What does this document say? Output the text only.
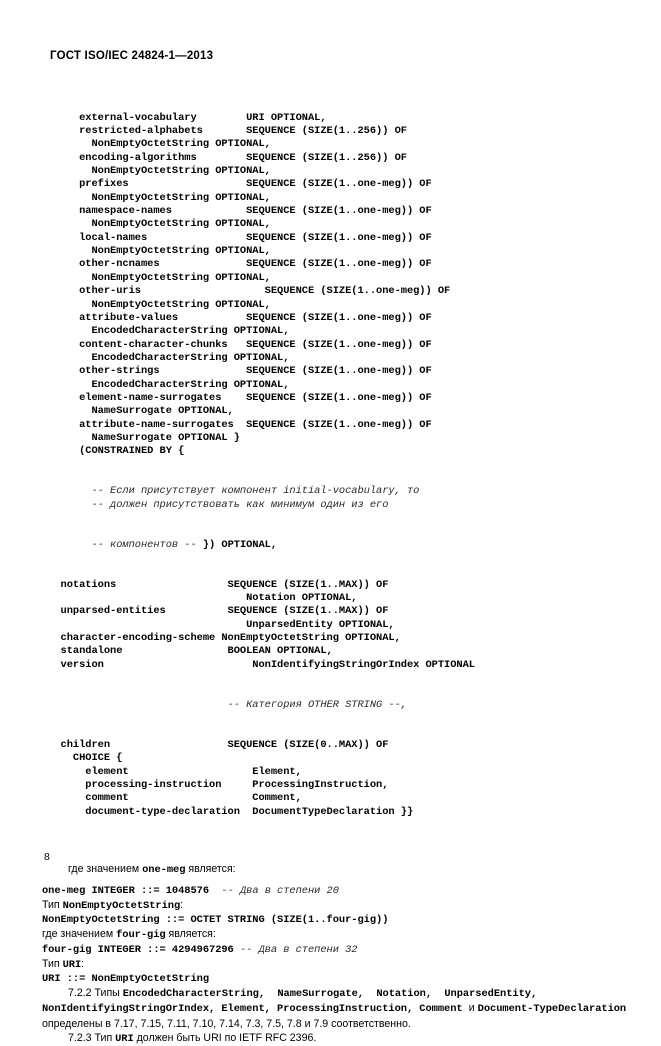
ГОСТ ISO/IEC 24824-1—2013

external-vocabulary        URI OPTIONAL,
restricted-alphabets       SEQUENCE (SIZE(1..256)) OF
NonEmptyOctetString OPTIONAL,
encoding-algorithms        SEQUENCE (SIZE(1..256)) OF
NonEmptyOctetString OPTIONAL,
prefixes                   SEQUENCE (SIZE(1..one-meg)) OF
NonEmptyOctetString OPTIONAL,
namespace-names            SEQUENCE (SIZE(1..one-meg)) OF
NonEmptyOctetString OPTIONAL,
local-names                SEQUENCE (SIZE(1..one-meg)) OF
NonEmptyOctetString OPTIONAL,
other-ncnames              SEQUENCE (SIZE(1..one-meg)) OF
NonEmptyOctetString OPTIONAL,
other-uris                    SEQUENCE (SIZE(1..one-meg)) OF
NonEmptyOctetString OPTIONAL,
attribute-values           SEQUENCE (SIZE(1..one-meg)) OF
EncodedCharacterString OPTIONAL,
content-character-chunks   SEQUENCE (SIZE(1..one-meg)) OF
EncodedCharacterString OPTIONAL,
other-strings              SEQUENCE (SIZE(1..one-meg)) OF
EncodedCharacterString OPTIONAL,
element-name-surrogates    SEQUENCE (SIZE(1..one-meg)) OF
NameSurrogate OPTIONAL,
attribute-name-surrogates  SEQUENCE (SIZE(1..one-meg)) OF
NameSurrogate OPTIONAL }
(CONSTRAINED BY {

-- Если присутствует компонент initial-vocabulary, то
-- должен присутствовать как минимум один из его

-- компонентов -- }) OPTIONAL,

notations                  SEQUENCE (SIZE(1..MAX)) OF
Notation OPTIONAL,
unparsed-entities          SEQUENCE (SIZE(1..MAX)) OF
UnparsedEntity OPTIONAL,
character-encoding-scheme NonEmptyOctetString OPTIONAL,
standalone                 BOOLEAN OPTIONAL,
version                        NonIdentifyingStringOrIndex OPTIONAL

-- Категория OTHER STRING --,

children                   SEQUENCE (SIZE(0..MAX)) OF
CHOICE {
element                    Element,
processing-instruction     ProcessingInstruction,
comment                    Comment,
document-type-declaration  DocumentTypeDeclaration }}

где значением one-meg является:

one-meg INTEGER ::= 1048576  -- Два в степени 20

Тип NonEmptyOctetString:

NonEmptyOctetString ::= OCTET STRING (SIZE(1..four-gig))

где значением four-gig является:

four-gig INTEGER ::= 4294967296 -- Два в степени 32

Тип URI:

URI ::= NonEmptyOctetString

7.2.2 Типы EncodedCharacterString,  NameSurrogate,  Notation,  UnparsedEntity, NonIdentifyingStringOrIndex, Element, ProcessingInstruction, Comment и Document-TypeDeclaration определены в 7.17, 7.15, 7.11, 7.10, 7.14, 7.3, 7.5, 7.8 и 7.9 соответственно.

7.2.3 Тип URI должен быть URI по IETF RFC 2396.

8
